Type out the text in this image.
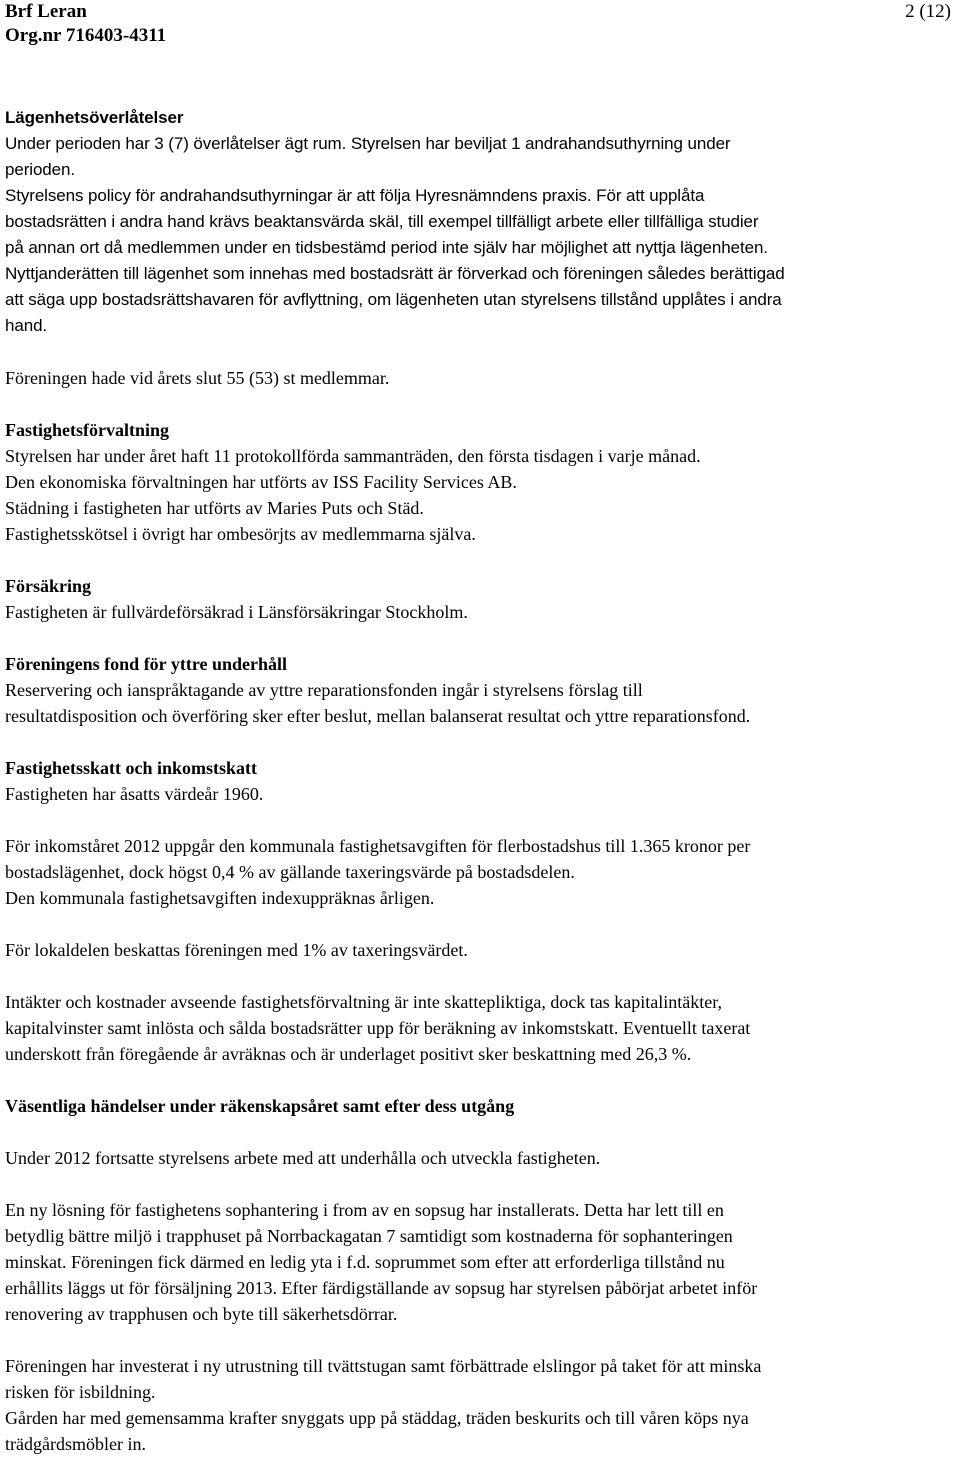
Brf Leran
Org.nr 716403-4311
2 (12)

Lägenhetsöverlåtelser

Under perioden har 3 (7) överlåtelser ägt rum. Styrelsen har beviljat 1 andrahandsuthyrning under

perioden.

Styrelsens policy för andrahandsuthyrningar är att följa Hyresnämndens praxis. För att upplåta

bostadsrätten i andra hand krävs beaktansvärda skäl, till exempel tillfälligt arbete eller tillfälliga studier

på annan ort då medlemmen under en tidsbestämd period inte själv har möjlighet att nyttja lägenheten.

Nyttjanderätten till lägenhet som innehas med bostadsrätt är förverkad och föreningen således berättigad

att säga upp bostadsrättshavaren för avflyttning, om lägenheten utan styrelsens tillstånd upplåtes i andra

hand.

Föreningen hade vid årets slut 55 (53) st medlemmar.

Fastighetsförvaltning

Styrelsen har under året haft 11 protokollförda sammanträden, den första tisdagen i varje månad.

Den ekonomiska förvaltningen har utförts av ISS Facility Services AB.

Städning i fastigheten har utförts av Maries Puts och Städ.

Fastighetsskötsel i övrigt har ombesörjts av medlemmarna själva.

Försäkring

Fastigheten är fullvärdeförsäkrad i Länsförsäkringar Stockholm.

Föreningens fond för yttre underhåll

Reservering och ianspråktagande av yttre reparationsfonden ingår i styrelsens förslag till

resultatdisposition och överföring sker efter beslut, mellan balanserat resultat och yttre reparationsfond.

Fastighetsskatt och inkomstskatt

Fastigheten har åsatts värdeår 1960.

För inkomståret 2012 uppgår den kommunala fastighetsavgiften för flerbostadshus till 1.365 kronor per

bostadslägenhet, dock högst 0,4 % av gällande taxeringsvärde på bostadsdelen.

Den kommunala fastighetsavgiften indexuppräknas årligen.

För lokaldelen beskattas föreningen med 1% av taxeringsvärdet.

Intäkter och kostnader avseende fastighetsförvaltning är inte skattepliktiga, dock tas kapitalintäkter,

kapitalvinster samt inlösta och sålda bostadsrätter upp för beräkning av inkomstskatt. Eventuellt taxerat

underskott från föregående år avräknas och är underlaget positivt sker beskattning med 26,3 %.

Väsentliga händelser under räkenskapsåret samt efter dess utgång

Under 2012 fortsatte styrelsens arbete med att underhålla och utveckla fastigheten.

En ny lösning för fastighetens sophantering i from av en sopsug har installerats. Detta har lett till en

betydlig bättre miljö i trapphuset på Norrbackagatan 7 samtidigt som kostnaderna för sophanteringen

minskat. Föreningen fick därmed en ledig yta i f.d. soprummet som efter att erforderliga tillstånd nu

erhållits läggs ut för försäljning 2013. Efter färdigställande av sopsug har styrelsen påbörjat arbetet inför

renovering av trapphusen och byte till säkerhetsdörrar.

Föreningen har investerat i ny utrustning till tvättstugan samt förbättrade elslingor på taket för att minska

risken för isbildning.

Gården har med gemensamma krafter snyggats upp på städdag, träden beskurits och till våren köps nya

trädgårdsmöbler in.
